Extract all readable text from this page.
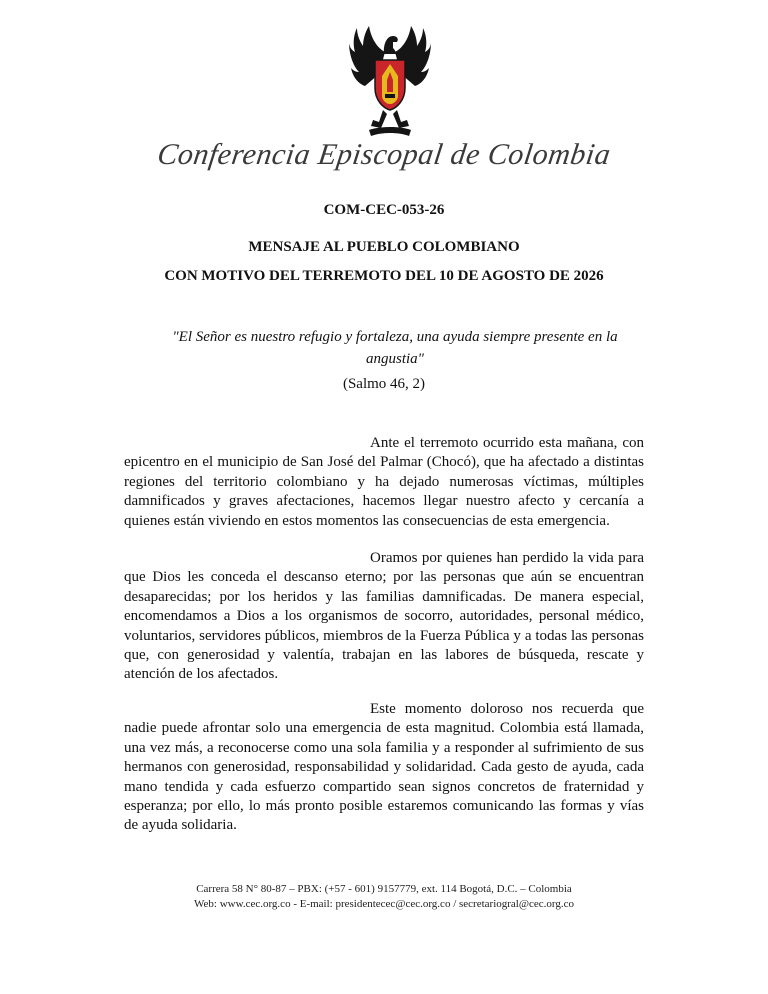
Conferencia Episcopal de Colombia
COM-CEC-053-26
MENSAJE AL PUEBLO COLOMBIANO
CON MOTIVO DEL TERREMOTO DEL 10 DE AGOSTO DE 2026
"El Señor es nuestro refugio y fortaleza, una ayuda siempre presente en la angustia"
(Salmo 46, 2)

Ante el terremoto ocurrido esta mañana, con epicentro en el municipio de San José del Palmar (Chocó), que ha afectado a distintas regiones del territorio colombiano y ha dejado numerosas víctimas, múltiples damnificados y graves afectaciones, hacemos llegar nuestro afecto y cercanía a quienes están viviendo en estos momentos las consecuencias de esta emergencia.

Oramos por quienes han perdido la vida para que Dios les conceda el descanso eterno; por las personas que aún se encuentran desaparecidas; por los heridos y las familias damnificadas. De manera especial, encomendamos a Dios a los organismos de socorro, autoridades, personal médico, voluntarios, servidores públicos, miembros de la Fuerza Pública y a todas las personas que, con generosidad y valentía, trabajan en las labores de búsqueda, rescate y atención de los afectados.

Este momento doloroso nos recuerda que nadie puede afrontar solo una emergencia de esta magnitud. Colombia está llamada, una vez más, a reconocerse como una sola familia y a responder al sufrimiento de sus hermanos con generosidad, responsabilidad y solidaridad. Cada gesto de ayuda, cada mano tendida y cada esfuerzo compartido sean signos concretos de fraternidad y esperanza; por ello, lo más pronto posible estaremos comunicando las formas y vías de ayuda solidaria.

Carrera 58 N° 80-87 – PBX: (+57 - 601) 9157779, ext. 114 Bogotá, D.C. – Colombia
Web: www.cec.org.co - E-mail: presidentecec@cec.org.co / secretariogral@cec.org.co
